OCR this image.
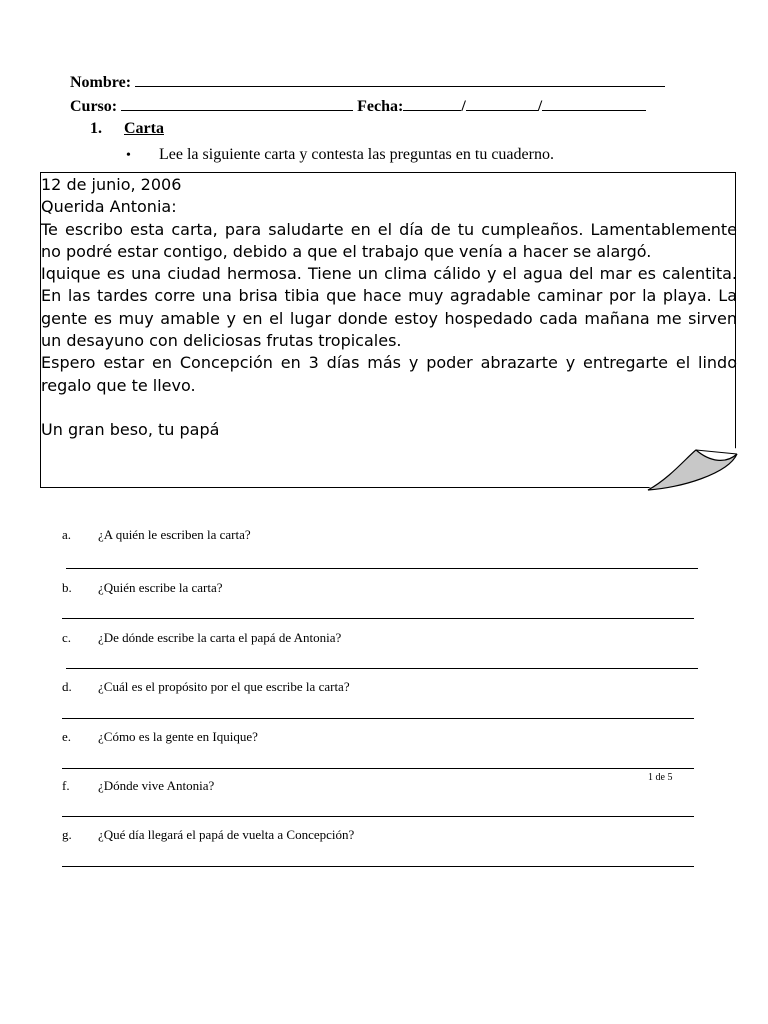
Nombre:
Curso:	Fecha:	/	/
1. Carta
• Lee la siguiente carta y contesta las preguntas en tu cuaderno.

12 de junio, 2006

Querida Antonia:

Te escribo esta carta, para saludarte en el día de tu cumpleaños. Lamentablemente no podré estar contigo, debido a que el trabajo que venía a hacer se alargó.

Iquique es una ciudad hermosa. Tiene un clima cálido y el agua del mar es calentita. En las tardes corre una brisa tibia que hace muy agradable caminar por la playa. La gente es muy amable y en el lugar donde estoy hospedado cada mañana me sirven un desayuno con deliciosas frutas tropicales.

Espero estar en Concepción en 3 días más y poder abrazarte y entregarte el lindo regalo que te llevo.

Un gran beso, tu papá

a. ¿A quién le escriben la carta?
b. ¿Quién escribe la carta?
c. ¿De dónde escribe la carta el papá de Antonia?
d. ¿Cuál es el propósito por el que escribe la carta?
e. ¿Cómo es la gente en Iquique?
1 de 5
f. ¿Dónde vive Antonia?
g. ¿Qué día llegará el papá de vuelta a Concepción?
